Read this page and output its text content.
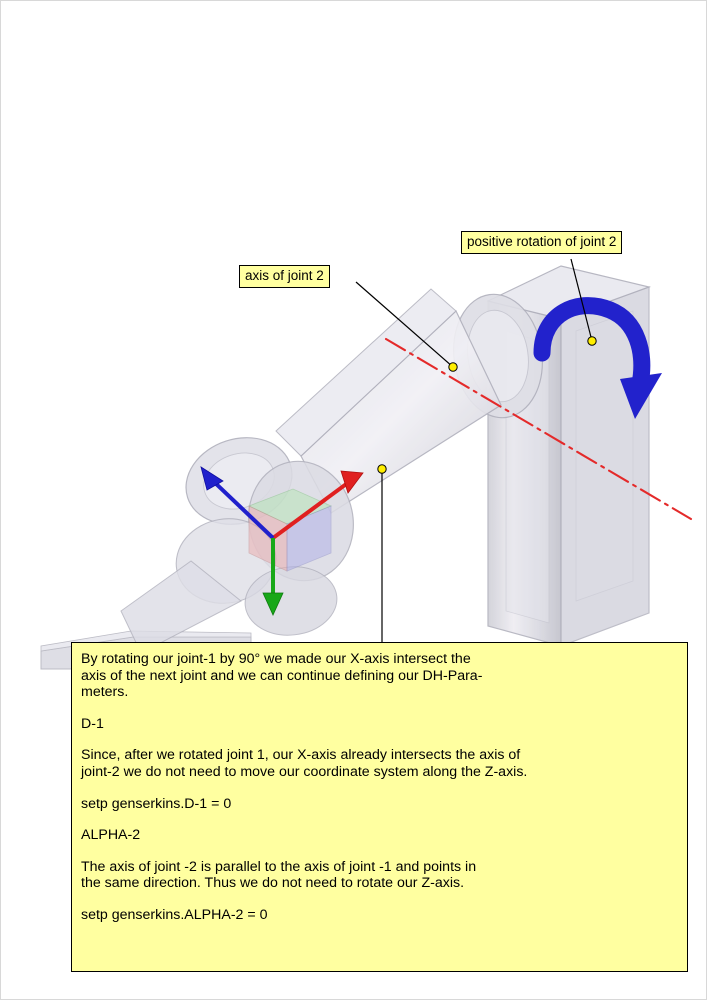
axis of joint 2
positive rotation of joint 2

By rotating our joint-1 by 90° we made our X-axis intersect the

axis of the next joint and we can continue defining our DH-Para-

meters.

D-1

Since, after we rotated joint 1, our X-axis already intersects the axis of

joint-2 we do not need to move our coordinate system along the Z-axis.

setp genserkins.D-1 = 0

ALPHA-2

The axis of joint -2 is parallel to the axis of joint -1 and points in

the same direction. Thus we do not need to rotate our Z-axis.

setp genserkins.ALPHA-2 = 0
